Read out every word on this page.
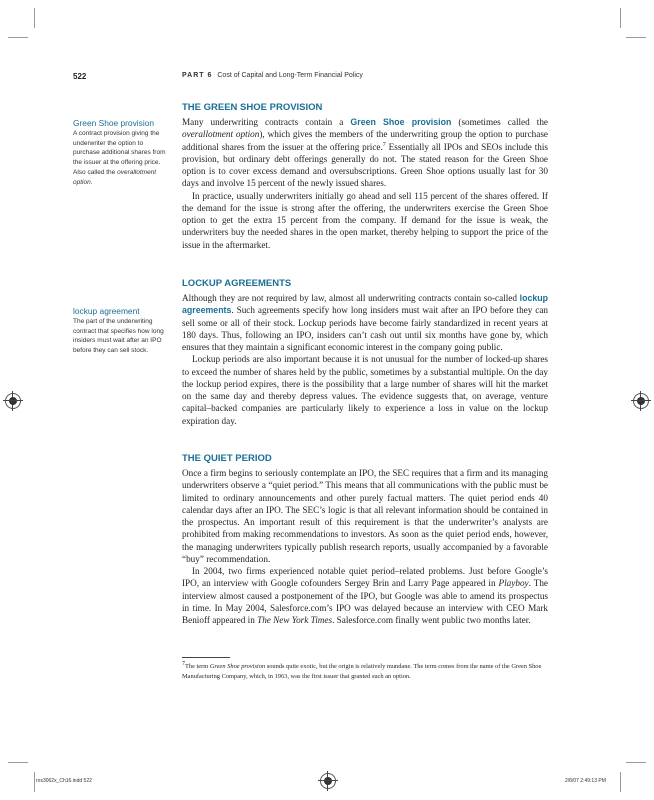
522	PART 6 Cost of Capital and Long-Term Financial Policy
THE GREEN SHOE PROVISION

Many underwriting contracts contain a Green Shoe provision (sometimes called the overallotment option), which gives the members of the underwriting group the option to purchase additional shares from the issuer at the offering price.$^7$ Essentially all IPOs and SEOs include this provision, but ordinary debt offerings generally do not. The stated reason for the Green Shoe option is to cover excess demand and oversubscriptions. Green Shoe options usually last for 30 days and involve 15 percent of the newly issued shares.

In practice, usually underwriters initially go ahead and sell 115 percent of the shares offered. If the demand for the issue is strong after the offering, the underwriters exercise the Green Shoe option to get the extra 15 percent from the company. If demand for the issue is weak, the underwriters buy the needed shares in the open market, thereby helping to support the price of the issue in the aftermarket.

Green Shoe provision
A contract provision giving the underwriter the option to purchase additional shares from the issuer at the offering price. Also called the overallotment option.
LOCKUP AGREEMENTS

Although they are not required by law, almost all underwriting contracts contain so-called lockup agreements. Such agreements specify how long insiders must wait after an IPO before they can sell some or all of their stock. Lockup periods have become fairly standardized in recent years at 180 days. Thus, following an IPO, insiders can’t cash out until six months have gone by, which ensures that they maintain a significant economic interest in the company going public.

Lockup periods are also important because it is not unusual for the number of locked-up shares to exceed the number of shares held by the public, sometimes by a substantial multiple. On the day the lockup period expires, there is the possibility that a large number of shares will hit the market on the same day and thereby depress values. The evidence suggests that, on average, venture capital–backed companies are particularly likely to experience a loss in value on the lockup expiration day.

lockup agreement
The part of the underwriting contract that specifies how long insiders must wait after an IPO before they can sell stock.
THE QUIET PERIOD

Once a firm begins to seriously contemplate an IPO, the SEC requires that a firm and its managing underwriters observe a “quiet period.” This means that all communications with the public must be limited to ordinary announcements and other purely factual matters. The quiet period ends 40 calendar days after an IPO. The SEC’s logic is that all relevant information should be contained in the prospectus. An important result of this requirement is that the underwriter’s analysts are prohibited from making recommendations to investors. As soon as the quiet period ends, however, the managing underwriters typically publish research reports, usually accompanied by a favorable “buy” recommendation.

In 2004, two firms experienced notable quiet period–related problems. Just before Google’s IPO, an interview with Google cofounders Sergey Brin and Larry Page appeared in Playboy. The interview almost caused a postponement of the IPO, but Google was able to amend its prospectus in time. In May 2004, Salesforce.com’s IPO was delayed because an interview with CEO Mark Benioff appeared in The New York Times. Salesforce.com finally went public two months later.

7The term Green Shoe provision sounds quite exotic, but the origin is relatively mundane. The term comes from the name of the Green Shoe Manufacturing Company, which, in 1963, was the first issuer that granted such an option.
ros3062x_Ch16.indd 522	2/8/07 2:49:13 PM
